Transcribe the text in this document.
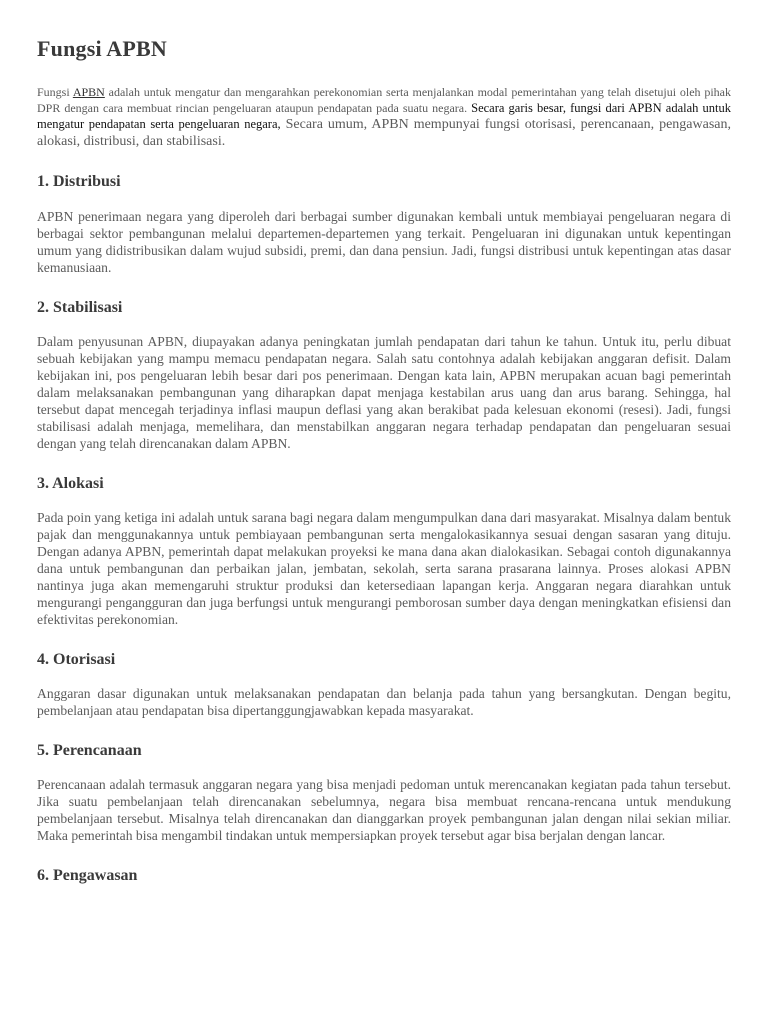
Fungsi APBN

Fungsi APBN adalah untuk mengatur dan mengarahkan perekonomian serta menjalankan modal pemerintahan yang telah disetujui oleh pihak DPR dengan cara membuat rincian pengeluaran ataupun pendapatan pada suatu negara. Secara garis besar, fungsi dari APBN adalah untuk mengatur pendapatan serta pengeluaran negara, Secara umum, APBN mempunyai fungsi otorisasi, perencanaan, pengawasan, alokasi, distribusi, dan stabilisasi.

1. Distribusi

APBN penerimaan negara yang diperoleh dari berbagai sumber digunakan kembali untuk membiayai pengeluaran negara di berbagai sektor pembangunan melalui departemen-departemen yang terkait. Pengeluaran ini digunakan untuk kepentingan umum yang didistribusikan dalam wujud subsidi, premi, dan dana pensiun. Jadi, fungsi distribusi untuk kepentingan atas dasar kemanusiaan.

2. Stabilisasi

Dalam penyusunan APBN, diupayakan adanya peningkatan jumlah pendapatan dari tahun ke tahun. Untuk itu, perlu dibuat sebuah kebijakan yang mampu memacu pendapatan negara. Salah satu contohnya adalah kebijakan anggaran defisit. Dalam kebijakan ini, pos pengeluaran lebih besar dari pos penerimaan. Dengan kata lain, APBN merupakan acuan bagi pemerintah dalam melaksanakan pembangunan yang diharapkan dapat menjaga kestabilan arus uang dan arus barang. Sehingga, hal tersebut dapat mencegah terjadinya inflasi maupun deflasi yang akan berakibat pada kelesuan ekonomi (resesi). Jadi, fungsi stabilisasi adalah menjaga, memelihara, dan menstabilkan anggaran negara terhadap pendapatan dan pengeluaran sesuai dengan yang telah direncanakan dalam APBN.

3. Alokasi

Pada poin yang ketiga ini adalah untuk sarana bagi negara dalam mengumpulkan dana dari masyarakat. Misalnya dalam bentuk pajak dan menggunakannya untuk pembiayaan pembangunan serta mengalokasikannya sesuai dengan sasaran yang dituju. Dengan adanya APBN, pemerintah dapat melakukan proyeksi ke mana dana akan dialokasikan. Sebagai contoh digunakannya dana untuk pembangunan dan perbaikan jalan, jembatan, sekolah, serta sarana prasarana lainnya. Proses alokasi APBN nantinya juga akan memengaruhi struktur produksi dan ketersediaan lapangan kerja. Anggaran negara diarahkan untuk mengurangi pengangguran dan juga berfungsi untuk mengurangi pemborosan sumber daya dengan meningkatkan efisiensi dan efektivitas perekonomian.

4. Otorisasi

Anggaran dasar digunakan untuk melaksanakan pendapatan dan belanja pada tahun yang bersangkutan. Dengan begitu, pembelanjaan atau pendapatan bisa dipertanggungjawabkan kepada masyarakat.

5. Perencanaan

Perencanaan adalah termasuk anggaran negara yang bisa menjadi pedoman untuk merencanakan kegiatan pada tahun tersebut. Jika suatu pembelanjaan telah direncanakan sebelumnya, negara bisa membuat rencana-rencana untuk mendukung pembelanjaan tersebut. Misalnya telah direncanakan dan dianggarkan proyek pembangunan jalan dengan nilai sekian miliar. Maka pemerintah bisa mengambil tindakan untuk mempersiapkan proyek tersebut agar bisa berjalan dengan lancar.

6. Pengawasan
